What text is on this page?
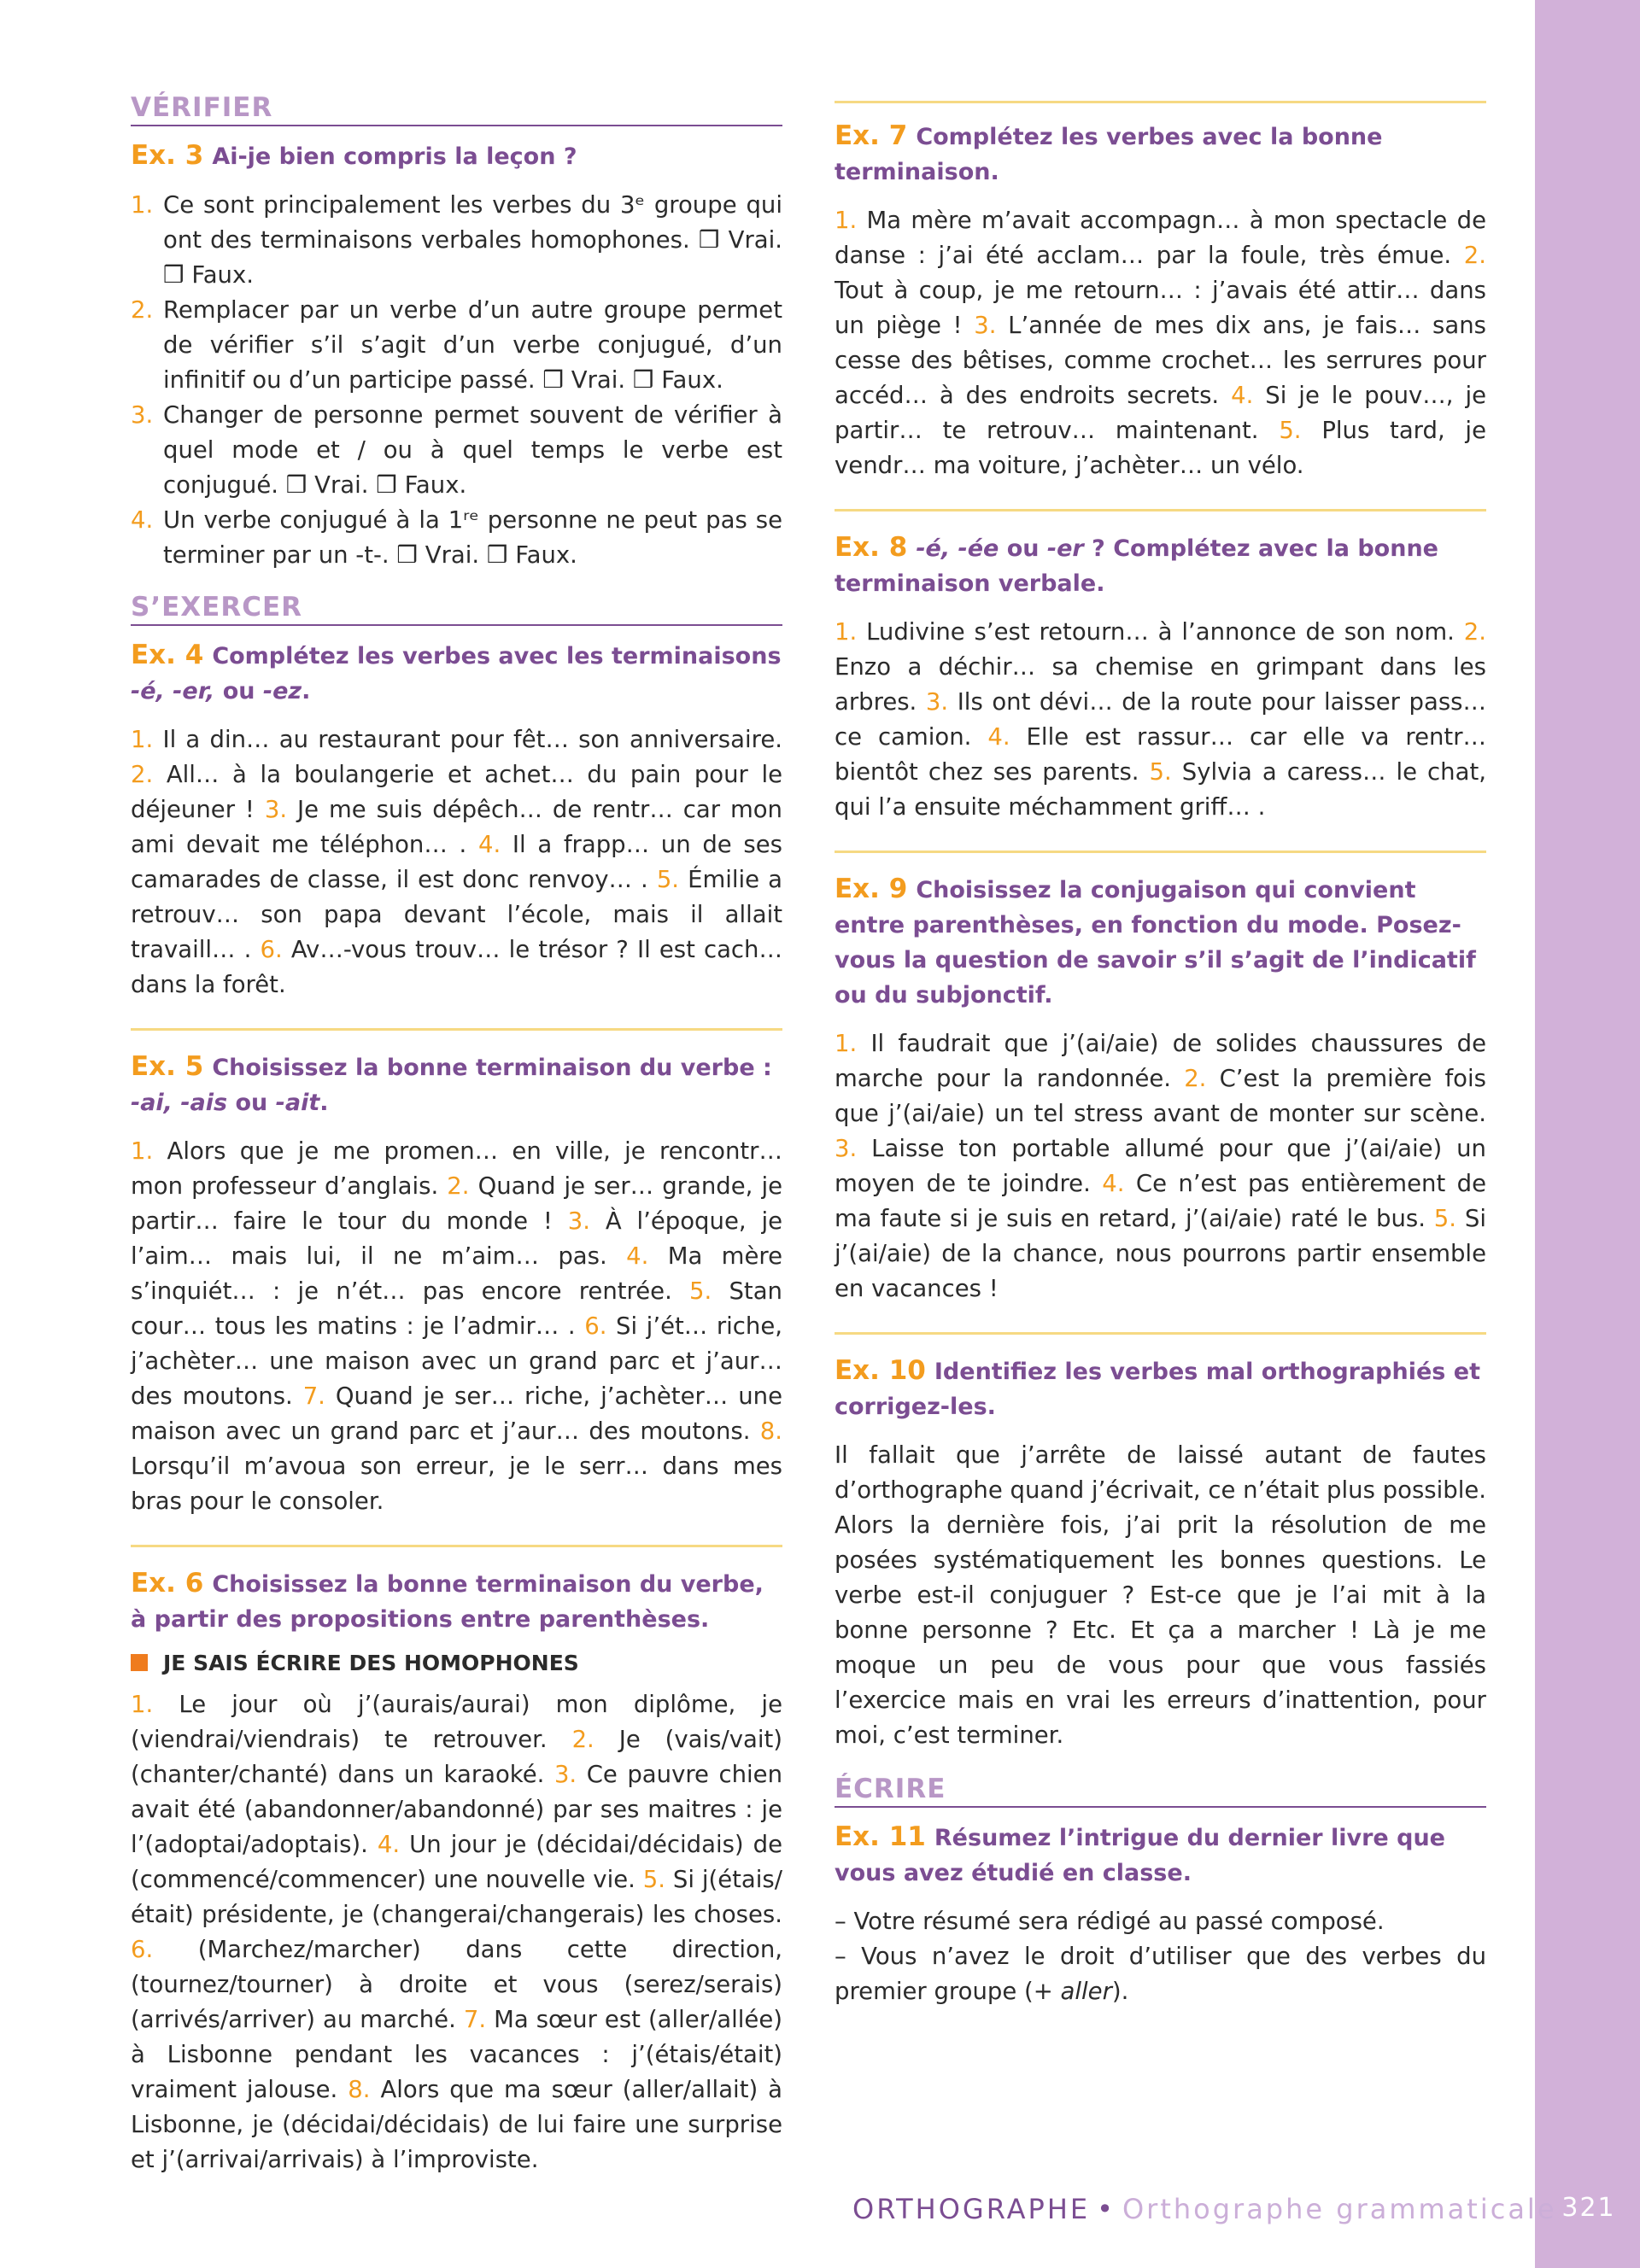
VÉRIFIER
Ex. 3 Ai-je bien compris la leçon ?
1. Ce sont principalement les verbes du 3ᵉ groupe qui ont des terminaisons verbales homophones. ❒ Vrai. ❒ Faux.
2. Remplacer par un verbe d’un autre groupe permet de vérifier s’il s’agit d’un verbe conjugué, d’un infinitif ou d’un participe passé. ❒ Vrai. ❒ Faux.
3. Changer de personne permet souvent de vérifier à quel mode et / ou à quel temps le verbe est conjugué. ❒ Vrai. ❒ Faux.
4. Un verbe conjugué à la 1ʳᵉ personne ne peut pas se terminer par un -t-. ❒ Vrai. ❒ Faux.
S’EXERCER
Ex. 4 Complétez les verbes avec les terminaisons -é, -er, ou -ez.

1. Il a din… au restaurant pour fêt… son anniversaire. 2. All… à la boulangerie et achet… du pain pour le déjeuner ! 3. Je me suis dépêch… de rentr… car mon ami devait me téléphon… . 4. Il a frapp… un de ses camarades de classe, il est donc renvoy… . 5. Émilie a retrouv… son papa devant l’école, mais il allait travaill… . 6. Av…-vous trouv… le trésor ? Il est cach… dans la forêt.

Ex. 5 Choisissez la bonne terminaison du verbe : -ai, -ais ou -ait.

1. Alors que je me promen… en ville, je rencontr… mon professeur d’anglais. 2. Quand je ser… grande, je partir… faire le tour du monde ! 3. À l’époque, je l’aim… mais lui, il ne m’aim… pas. 4. Ma mère s’inquiét… : je n’ét… pas encore rentrée. 5. Stan cour… tous les matins : je l’admir… . 6. Si j’ét… riche, j’achèter… une maison avec un grand parc et j’aur… des moutons. 7. Quand je ser… riche, j’achèter… une maison avec un grand parc et j’aur… des moutons. 8. Lorsqu’il m’avoua son erreur, je le serr… dans mes bras pour le consoler.

Ex. 6 Choisissez la bonne terminaison du verbe, à partir des propositions entre parenthèses.
JE SAIS ÉCRIRE DES HOMOPHONES

1. Le jour où j’(aurais/aurai) mon diplôme, je (viendrai/viendrais) te retrouver. 2. Je (vais/vait) (chanter/chanté) dans un karaoké. 3. Ce pauvre chien avait été (abandonner/abandonné) par ses maitres : je l’(adoptai/adoptais). 4. Un jour je (décidai/décidais) de (commencé/commencer) une nouvelle vie. 5. Si j(étais/était) présidente, je (changerai/changerais) les choses. 6. (Marchez/marcher) dans cette direction, (tournez/tourner) à droite et vous (serez/serais) (arrivés/arriver) au marché. 7. Ma sœur est (aller/allée) à Lisbonne pendant les vacances : j’(étais/était) vraiment jalouse. 8. Alors que ma sœur (aller/allait) à Lisbonne, je (décidai/décidais) de lui faire une surprise et j’(arrivai/arrivais) à l’improviste.

Ex. 7 Complétez les verbes avec la bonne terminaison.

1. Ma mère m’avait accompagn… à mon spectacle de danse : j’ai été acclam… par la foule, très émue. 2. Tout à coup, je me retourn… : j’avais été attir… dans un piège ! 3. L’année de mes dix ans, je fais… sans cesse des bêtises, comme crochet… les serrures pour accéd… à des endroits secrets. 4. Si je le pouv…, je partir… te retrouv… maintenant. 5. Plus tard, je vendr… ma voiture, j’achèter… un vélo.

Ex. 8 -é, -ée ou -er ? Complétez avec la bonne terminaison verbale.

1. Ludivine s’est retourn… à l’annonce de son nom. 2. Enzo a déchir… sa chemise en grimpant dans les arbres. 3. Ils ont dévi… de la route pour laisser pass… ce camion. 4. Elle est rassur… car elle va rentr… bientôt chez ses parents. 5. Sylvia a caress… le chat, qui l’a ensuite méchamment griff… .

Ex. 9 Choisissez la conjugaison qui convient entre parenthèses, en fonction du mode. Posez-vous la question de savoir s’il s’agit de l’indicatif ou du subjonctif.

1. Il faudrait que j’(ai/aie) de solides chaussures de marche pour la randonnée. 2. C’est la première fois que j’(ai/aie) un tel stress avant de monter sur scène. 3. Laisse ton portable allumé pour que j’(ai/aie) un moyen de te joindre. 4. Ce n’est pas entièrement de ma faute si je suis en retard, j’(ai/aie) raté le bus. 5. Si j’(ai/aie) de la chance, nous pourrons partir ensemble en vacances !

Ex. 10 Identifiez les verbes mal orthographiés et corrigez-les.

Il fallait que j’arrête de laissé autant de fautes d’orthographe quand j’écrivait, ce n’était plus possible. Alors la dernière fois, j’ai prit la résolution de me posées systématiquement les bonnes questions. Le verbe est-il conjuguer ? Est-ce que je l’ai mit à la bonne personne ? Etc. Et ça a marcher ! Là je me moque un peu de vous pour que vous fassiés l’exercice mais en vrai les erreurs d’inattention, pour moi, c’est terminer.

ÉCRIRE
Ex. 11 Résumez l’intrigue du dernier livre que vous avez étudié en classe.

– Votre résumé sera rédigé au passé composé.

– Vous n’avez le droit d’utiliser que des verbes du premier groupe (+ aller).

ORTHOGRAPHE • Orthographe grammaticale 321
